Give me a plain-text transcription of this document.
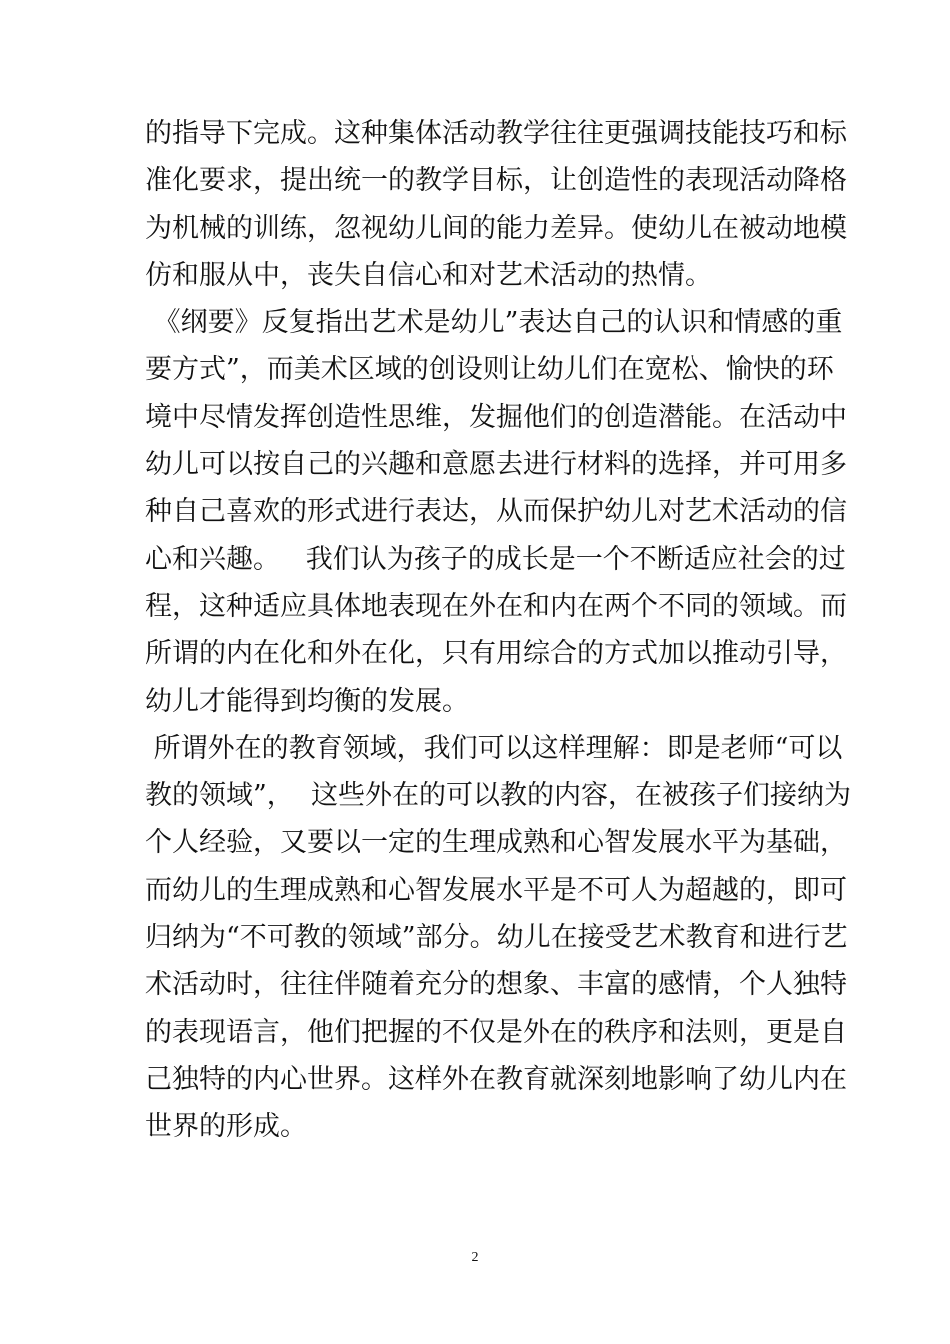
的指导下完成。这种集体活动教学往往更强调技能技巧和标
准化要求，提出统一的教学目标，让创造性的表现活动降格
为机械的训练，忽视幼儿间的能力差异。使幼儿在被动地模
仿和服从中，丧失自信心和对艺术活动的热情。
《纲要》反复指出艺术是幼儿”表达自己的认识和情感的重
要方式”，而美术区域的创设则让幼儿们在宽松、愉快的环
境中尽情发挥创造性思维，发掘他们的创造潜能。在活动中
幼儿可以按自己的兴趣和意愿去进行材料的选择，并可用多
种自己喜欢的形式进行表达，从而保护幼儿对艺术活动的信
心和兴趣。   我们认为孩子的成长是一个不断适应社会的过
程，这种适应具体地表现在外在和内在两个不同的领域。而
所谓的内在化和外在化，只有用综合的方式加以推动引导，
幼儿才能得到均衡的发展。
所谓外在的教育领域，我们可以这样理解：即是老师“可以
教的领域”，  这些外在的可以教的内容，在被孩子们接纳为
个人经验，又要以一定的生理成熟和心智发展水平为基础，
而幼儿的生理成熟和心智发展水平是不可人为超越的，即可
归纳为“不可教的领域”部分。幼儿在接受艺术教育和进行艺
术活动时，往往伴随着充分的想象、丰富的感情，个人独特
的表现语言，他们把握的不仅是外在的秩序和法则，更是自
己独特的内心世界。这样外在教育就深刻地影响了幼儿内在
世界的形成。
2
